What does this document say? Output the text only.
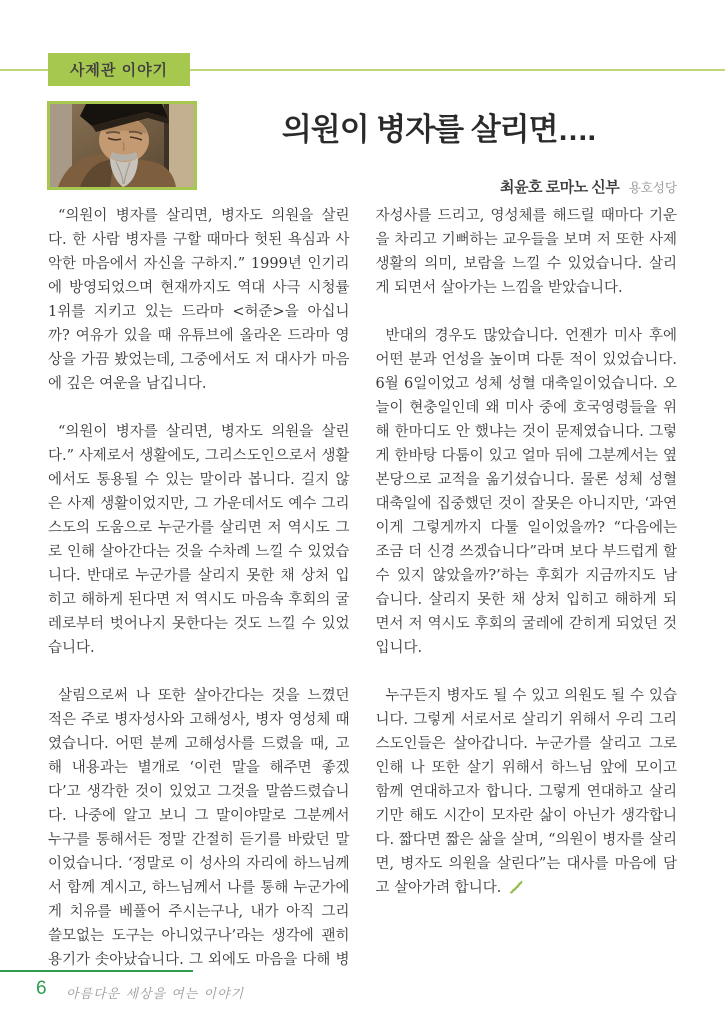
사제관 이야기
의원이 병자를 살리면….
최윤호 로마노 신부 용호성당

“의원이 병자를 살리면, 병자도 의원을 살린다. 한 사람 병자를 구할 때마다 헛된 욕심과 사악한 마음에서 자신을 구하지.” 1999년 인기리에 방영되었으며 현재까지도 역대 사극 시청률 1위를 지키고 있는 드라마 <허준>을 아십니까? 여유가 있을 때 유튜브에 올라온 드라마 영상을 가끔 봤었는데, 그중에서도 저 대사가 마음에 깊은 여운을 남깁니다.

“의원이 병자를 살리면, 병자도 의원을 살린다.” 사제로서 생활에도, 그리스도인으로서 생활에서도 통용될 수 있는 말이라 봅니다. 길지 않은 사제 생활이었지만, 그 가운데서도 예수 그리스도의 도움으로 누군가를 살리면 저 역시도 그로 인해 살아간다는 것을 수차례 느낄 수 있었습니다. 반대로 누군가를 살리지 못한 채 상처 입히고 해하게 된다면 저 역시도 마음속 후회의 굴레로부터 벗어나지 못한다는 것도 느낄 수 있었습니다.

살림으로써 나 또한 살아간다는 것을 느꼈던 적은 주로 병자성사와 고해성사, 병자 영성체 때였습니다. 어떤 분께 고해성사를 드렸을 때, 고해 내용과는 별개로 ‘이런 말을 해주면 좋겠다’고 생각한 것이 있었고 그것을 말씀드렸습니다. 나중에 알고 보니 그 말이야말로 그분께서 누구를 통해서든 정말 간절히 듣기를 바랐던 말이었습니다. ‘정말로 이 성사의 자리에 하느님께서 함께 계시고, 하느님께서 나를 통해 누군가에게 치유를 베풀어 주시는구나, 내가 아직 그리 쓸모없는 도구는 아니었구나’라는 생각에 괜히 용기가 솟아났습니다. 그 외에도 마음을 다해 병자성사를 드리고, 영성체를 해드릴 때마다 기운을 차리고 기뻐하는 교우들을 보며 저 또한 사제 생활의 의미, 보람을 느낄 수 있었습니다. 살리게 되면서 살아가는 느낌을 받았습니다.

반대의 경우도 많았습니다. 언젠가 미사 후에 어떤 분과 언성을 높이며 다툰 적이 있었습니다. 6월 6일이었고 성체 성혈 대축일이었습니다. 오늘이 현충일인데 왜 미사 중에 호국영령들을 위해 한마디도 안 했냐는 것이 문제였습니다. 그렇게 한바탕 다툼이 있고 얼마 뒤에 그분께서는 옆 본당으로 교적을 옮기셨습니다. 물론 성체 성혈 대축일에 집중했던 것이 잘못은 아니지만, ‘과연 이게 그렇게까지 다툴 일이었을까? “다음에는 조금 더 신경 쓰겠습니다”라며 보다 부드럽게 할 수 있지 않았을까?’하는 후회가 지금까지도 남습니다. 살리지 못한 채 상처 입히고 해하게 되면서 저 역시도 후회의 굴레에 갇히게 되었던 것입니다.

누구든지 병자도 될 수 있고 의원도 될 수 있습니다. 그렇게 서로서로 살리기 위해서 우리 그리스도인들은 살아갑니다. 누군가를 살리고 그로 인해 나 또한 살기 위해서 하느님 앞에 모이고 함께 연대하고자 합니다. 그렇게 연대하고 살리기만 해도 시간이 모자란 삶이 아닌가 생각합니다. 짧다면 짧은 삶을 살며, “의원이 병자를 살리면, 병자도 의원을 살린다”는 대사를 마음에 담고 살아가려 합니다.

6 아름다운 세상을 여는 이야기
